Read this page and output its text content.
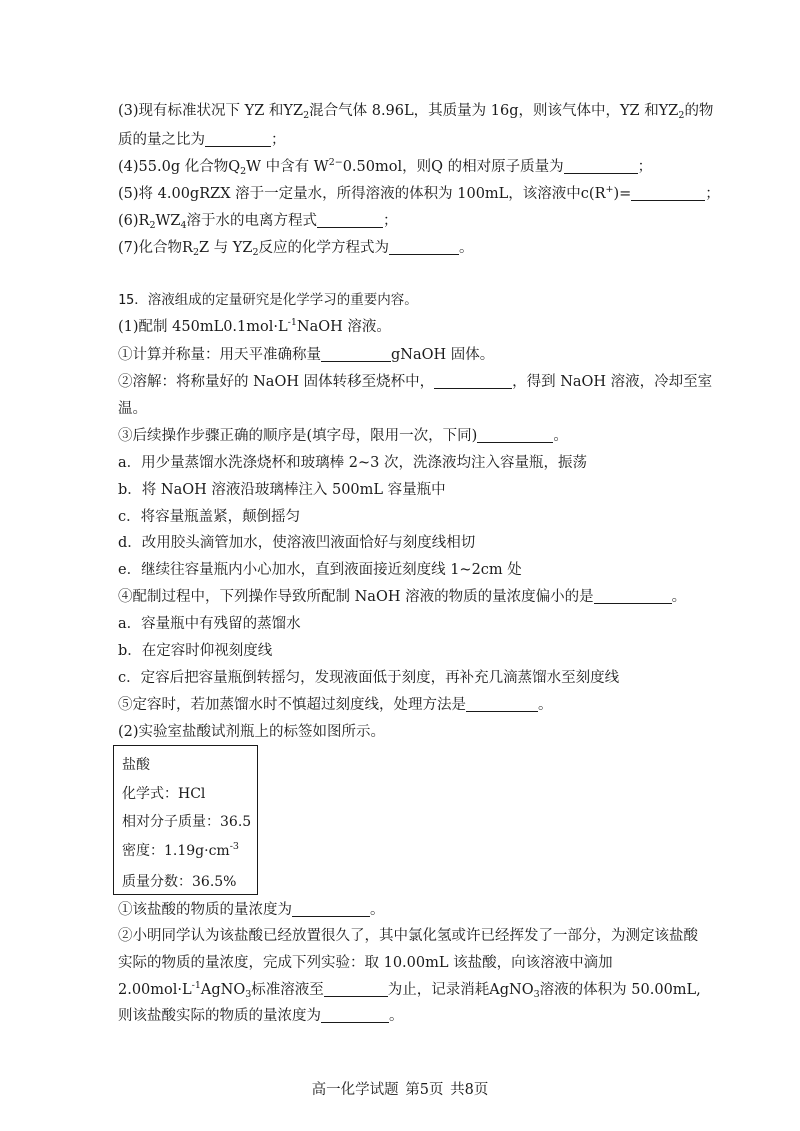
(3)现有标准状况下 YZ 和$YZ_2$混合气体 8.96L，其质量为 16g，则该气体中，YZ 和$YZ_2$的物
质的量之比为	；
(4)55.0g 化合物$Q_2W$ 中含有 $W^{2-}0.50mol$，则Q 的相对原子质量为	；
(5)将 4.00gRZX 溶于一定量水，所得溶液的体积为 100mL，该溶液中c(R+)=	；
$(6)R_2WZ_4$溶于水的电离方程式	；
(7)化合物$R_2Z$ 与 $YZ_2$反应的化学方程式为	。
15．溶液组成的定量研究是化学学习的重要内容。
(1)配制 $450mL0.1mol\cdot L^{-1}NaOH$ 溶液。
①计算并称量：用天平准确称量	gNaOH 固体。
②溶解：将称量好的 NaOH 固体转移至烧杯中，	，得到 NaOH 溶液，冷却至室
温。
③后续操作步骤正确的顺序是(填字母，限用一次，下同)	。
a．用少量蒸馏水洗涤烧杯和玻璃棒 2~3 次，洗涤液均注入容量瓶，振荡
b．将 NaOH 溶液沿玻璃棒注入 500mL 容量瓶中
c．将容量瓶盖紧，颠倒摇匀
d．改用胶头滴管加水，使溶液凹液面恰好与刻度线相切
e．继续往容量瓶内小心加水，直到液面接近刻度线 1~2cm 处
④配制过程中，下列操作导致所配制 NaOH 溶液的物质的量浓度偏小的是	。
a．容量瓶中有残留的蒸馏水
b．在定容时仰视刻度线
c．定容后把容量瓶倒转摇匀，发现液面低于刻度，再补充几滴蒸馏水至刻度线
⑤定容时，若加蒸馏水时不慎超过刻度线，处理方法是	。
(2)实验室盐酸试剂瓶上的标签如图所示。
盐酸
化学式：HCl
相对分子质量：36.5
密度：$1.19g\cdot cm^{-3}$
质量分数：36.5%
①该盐酸的物质的量浓度为	。
②小明同学认为该盐酸已经放置很久了，其中氯化氢或许已经挥发了一部分，为测定该盐酸
实际的物质的量浓度，完成下列实验：取 10.00mL 该盐酸，向该溶液中滴加
$2.00mol\cdot L^{-1}AgNO_3$标准溶液至	为止，记录消耗AgNO$_3$溶液的体积为 50.00mL,
则该盐酸实际的物质的量浓度为	。
高一化学试题 第5页 共8页
